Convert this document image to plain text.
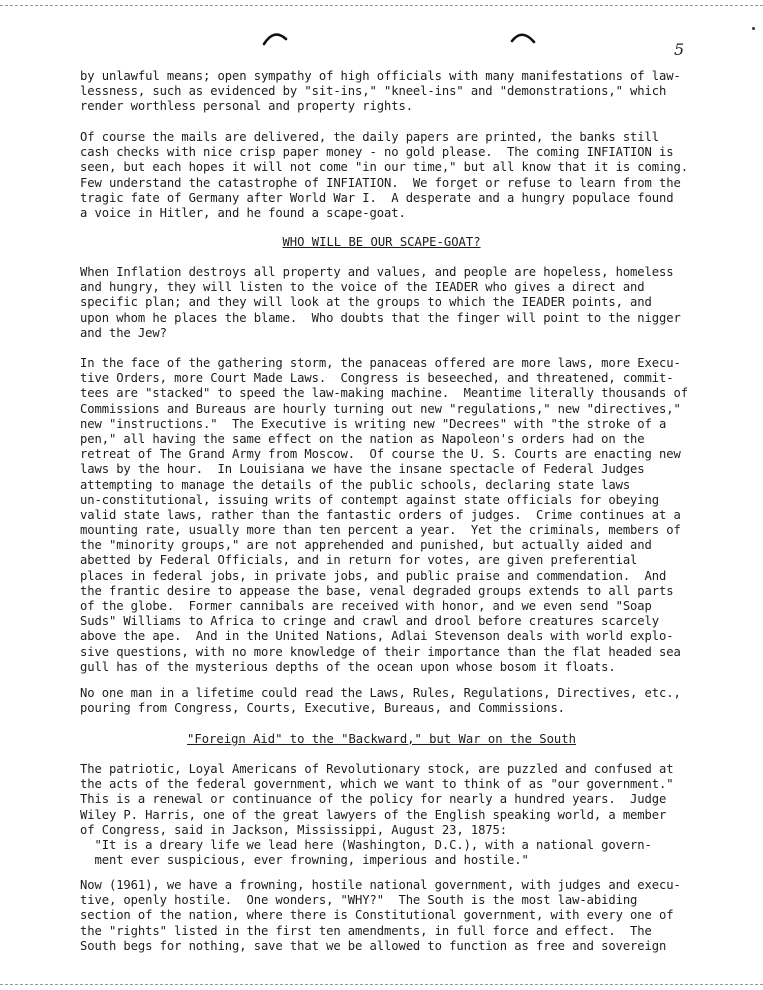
5
by unlawful means; open sympathy of high officials with many manifestations of law-
lessness, such as evidenced by "sit-ins," "kneel-ins" and "demonstrations," which
render worthless personal and property rights.
Of course the mails are delivered, the daily papers are printed, the banks still
cash checks with nice crisp paper money - no gold please.  The coming INFIATION is
seen, but each hopes it will not come "in our time," but all know that it is coming.
Few understand the catastrophe of INFIATION.  We forget or refuse to learn from the
tragic fate of Germany after World War I.  A desperate and a hungry populace found
a voice in Hitler, and he found a scape-goat.
WHO WILL BE OUR SCAPE-GOAT?
When Inflation destroys all property and values, and people are hopeless, homeless
and hungry, they will listen to the voice of the IEADER who gives a direct and
specific plan; and they will look at the groups to which the IEADER points, and
upon whom he places the blame.  Who doubts that the finger will point to the nigger
and the Jew?
In the face of the gathering storm, the panaceas offered are more laws, more Execu-
tive Orders, more Court Made Laws.  Congress is beseeched, and threatened, commit-
tees are "stacked" to speed the law-making machine.  Meantime literally thousands of
Commissions and Bureaus are hourly turning out new "regulations," new "directives,"
new "instructions."  The Executive is writing new "Decrees" with "the stroke of a
pen," all having the same effect on the nation as Napoleon's orders had on the
retreat of The Grand Army from Moscow.  Of course the U. S. Courts are enacting new
laws by the hour.  In Louisiana we have the insane spectacle of Federal Judges
attempting to manage the details of the public schools, declaring state laws
un-constitutional, issuing writs of contempt against state officials for obeying
valid state laws, rather than the fantastic orders of judges.  Crime continues at a
mounting rate, usually more than ten percent a year.  Yet the criminals, members of
the "minority groups," are not apprehended and punished, but actually aided and
abetted by Federal Officials, and in return for votes, are given preferential
places in federal jobs, in private jobs, and public praise and commendation.  And
the frantic desire to appease the base, venal degraded groups extends to all parts
of the globe.  Former cannibals are received with honor, and we even send "Soap
Suds" Williams to Africa to cringe and crawl and drool before creatures scarcely
above the ape.  And in the United Nations, Adlai Stevenson deals with world explo-
sive questions, with no more knowledge of their importance than the flat headed sea
gull has of the mysterious depths of the ocean upon whose bosom it floats.
No one man in a lifetime could read the Laws, Rules, Regulations, Directives, etc.,
pouring from Congress, Courts, Executive, Bureaus, and Commissions.
"Foreign Aid" to the "Backward," but War on the South
The patriotic, Loyal Americans of Revolutionary stock, are puzzled and confused at
the acts of the federal government, which we want to think of as "our government."
This is a renewal or continuance of the policy for nearly a hundred years.  Judge
Wiley P. Harris, one of the great lawyers of the English speaking world, a member
of Congress, said in Jackson, Mississippi, August 23, 1875:
"It is a dreary life we lead here (Washington, D.C.), with a national govern-
ment ever suspicious, ever frowning, imperious and hostile."
Now (1961), we have a frowning, hostile national government, with judges and execu-
tive, openly hostile.  One wonders, "WHY?"  The South is the most law-abiding
section of the nation, where there is Constitutional government, with every one of
the "rights" listed in the first ten amendments, in full force and effect.  The
South begs for nothing, save that we be allowed to function as free and sovereign
